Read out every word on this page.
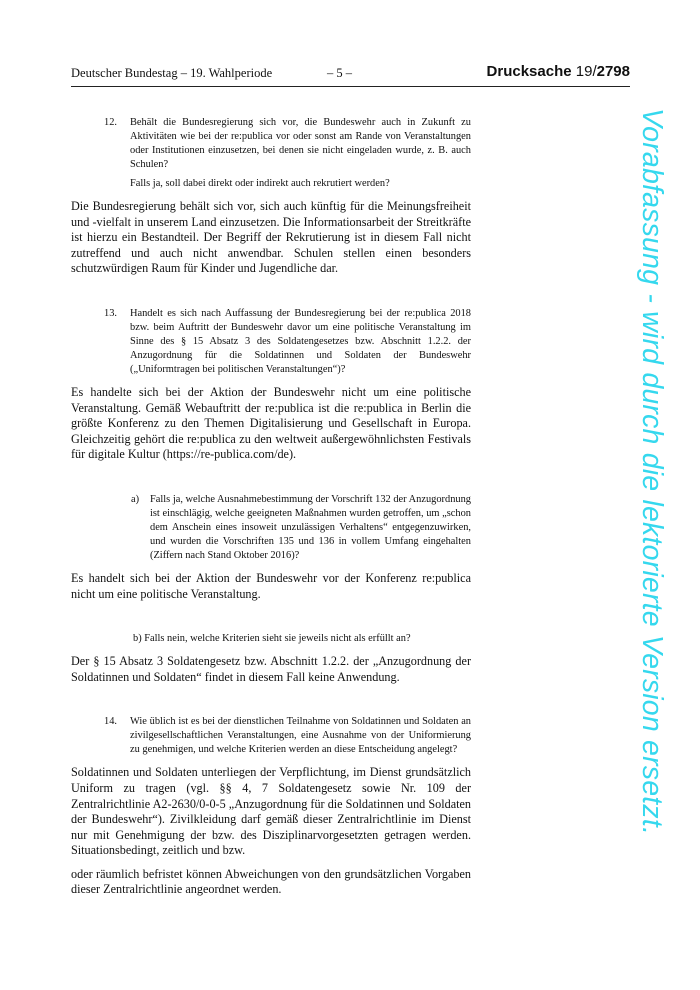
Deutscher Bundestag – 19. Wahlperiode	– 5 –	Drucksache 19/2798
12. Behält die Bundesregierung sich vor, die Bundeswehr auch in Zukunft zu Aktivitäten wie bei der re:publica vor oder sonst am Rande von Veranstaltungen oder Institutionen einzusetzen, bei denen sie nicht eingeladen wurde, z. B. auch Schulen?
Falls ja, soll dabei direkt oder indirekt auch rekrutiert werden?
Die Bundesregierung behält sich vor, sich auch künftig für die Meinungsfreiheit und -vielfalt in unserem Land einzusetzen. Die Informationsarbeit der Streitkräfte ist hierzu ein Bestandteil. Der Begriff der Rekrutierung ist in diesem Fall nicht zutreffend und auch nicht anwendbar. Schulen stellen einen besonders schutzwürdigen Raum für Kinder und Jugendliche dar.
13. Handelt es sich nach Auffassung der Bundesregierung bei der re:publica 2018 bzw. beim Auftritt der Bundeswehr davor um eine politische Veranstaltung im Sinne des § 15 Absatz 3 des Soldatengesetzes bzw. Abschnitt 1.2.2. der Anzugordnung für die Soldatinnen und Soldaten der Bundeswehr („Uniformtragen bei politischen Veranstaltungen“)?
Es handelte sich bei der Aktion der Bundeswehr nicht um eine politische Veranstaltung. Gemäß Webauftritt der re:publica ist die re:publica in Berlin die größte Konferenz zu den Themen Digitalisierung und Gesellschaft in Europa. Gleichzeitig gehört die re:publica zu den weltweit außergewöhnlichsten Festivals für digitale Kultur (https://re-publica.com/de).
a) Falls ja, welche Ausnahmebestimmung der Vorschrift 132 der Anzugordnung ist einschlägig, welche geeigneten Maßnahmen wurden getroffen, um „schon dem Anschein eines insoweit unzulässigen Verhaltens“ entgegenzuwirken, und wurden die Vorschriften 135 und 136 in vollem Umfang eingehalten (Ziffern nach Stand Oktober 2016)?
Es handelt sich bei der Aktion der Bundeswehr vor der Konferenz re:publica nicht um eine politische Veranstaltung.
b) Falls nein, welche Kriterien sieht sie jeweils nicht als erfüllt an?
Der § 15 Absatz 3 Soldatengesetz bzw. Abschnitt 1.2.2. der „Anzugordnung der Soldatinnen und Soldaten“ findet in diesem Fall keine Anwendung.
14. Wie üblich ist es bei der dienstlichen Teilnahme von Soldatinnen und Soldaten an zivilgesellschaftlichen Veranstaltungen, eine Ausnahme von der Uniformierung zu genehmigen, und welche Kriterien werden an diese Entscheidung angelegt?

Soldatinnen und Soldaten unterliegen der Verpflichtung, im Dienst grundsätzlich Uniform zu tragen (vgl. §§ 4, 7 Soldatengesetz sowie Nr. 109 der Zentralrichtlinie A2-2630/0-0-5 „Anzugordnung für die Soldatinnen und Soldaten der Bundeswehr“). Zivilkleidung darf gemäß dieser Zentralrichtlinie im Dienst nur mit Genehmigung der bzw. des Disziplinarvorgesetzten getragen werden. Situationsbedingt, zeitlich und bzw.

oder räumlich befristet können Abweichungen von den grundsätzlichen Vorgaben dieser Zentralrichtlinie angeordnet werden.

Vorabfassung - wird durch die lektorierte Version ersetzt.
